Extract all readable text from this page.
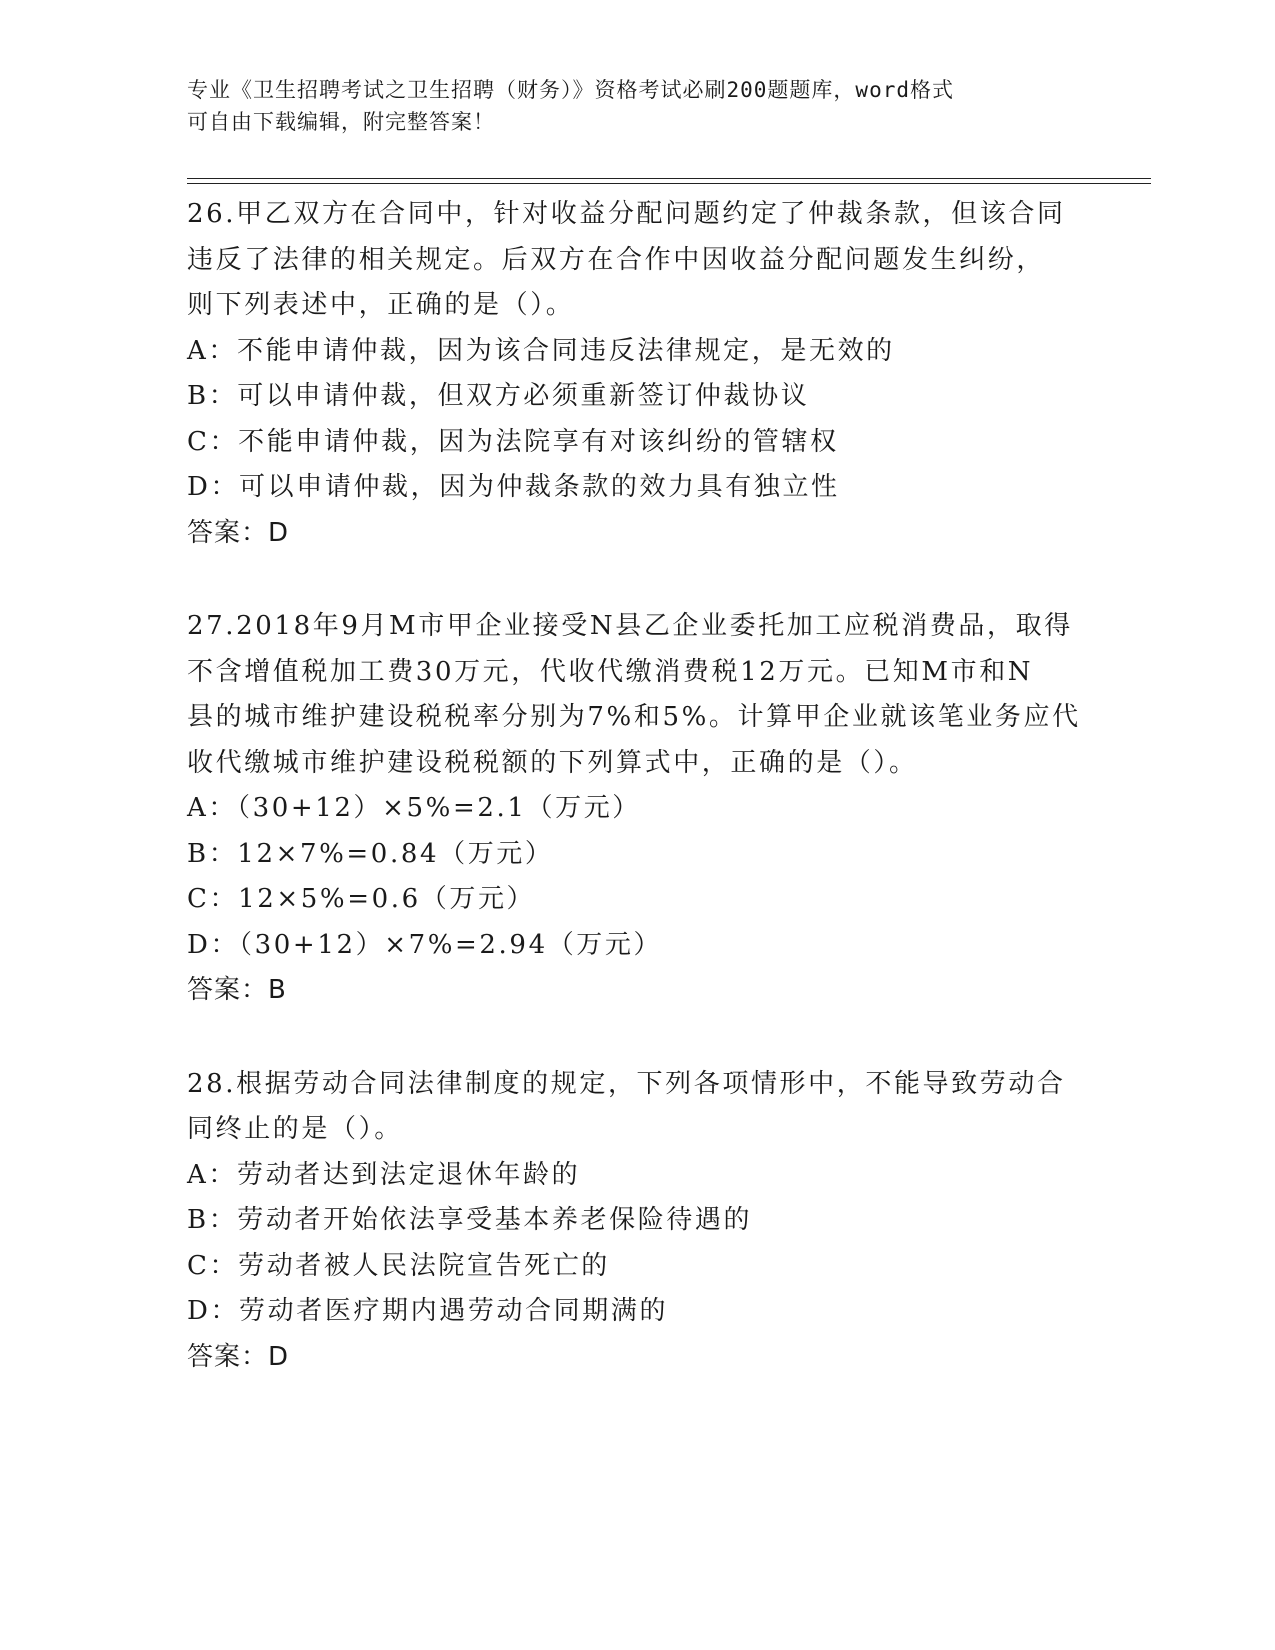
专业《卫生招聘考试之卫生招聘（财务）》资格考试必刷200题题库，word格式
可自由下载编辑，附完整答案！
26.甲乙双方在合同中，针对收益分配问题约定了仲裁条款，但该合同
违反了法律的相关规定。后双方在合作中因收益分配问题发生纠纷，
则下列表述中，正确的是（）。
A：不能申请仲裁，因为该合同违反法律规定，是无效的
B：可以申请仲裁，但双方必须重新签订仲裁协议
C：不能申请仲裁，因为法院享有对该纠纷的管辖权
D：可以申请仲裁，因为仲裁条款的效力具有独立性
答案：D
27.2018年9月M市甲企业接受N县乙企业委托加工应税消费品，取得
不含增值税加工费30万元，代收代缴消费税12万元。已知M市和N
县的城市维护建设税税率分别为7%和5%。计算甲企业就该笔业务应代
收代缴城市维护建设税税额的下列算式中，正确的是（）。
A：（30+12）×5%=2.1（万元）
B：12×7%=0.84（万元）
C：12×5%=0.6（万元）
D：（30+12）×7%=2.94（万元）
答案：B
28.根据劳动合同法律制度的规定，下列各项情形中，不能导致劳动合
同终止的是（）。
A：劳动者达到法定退休年龄的
B：劳动者开始依法享受基本养老保险待遇的
C：劳动者被人民法院宣告死亡的
D：劳动者医疗期内遇劳动合同期满的
答案：D
